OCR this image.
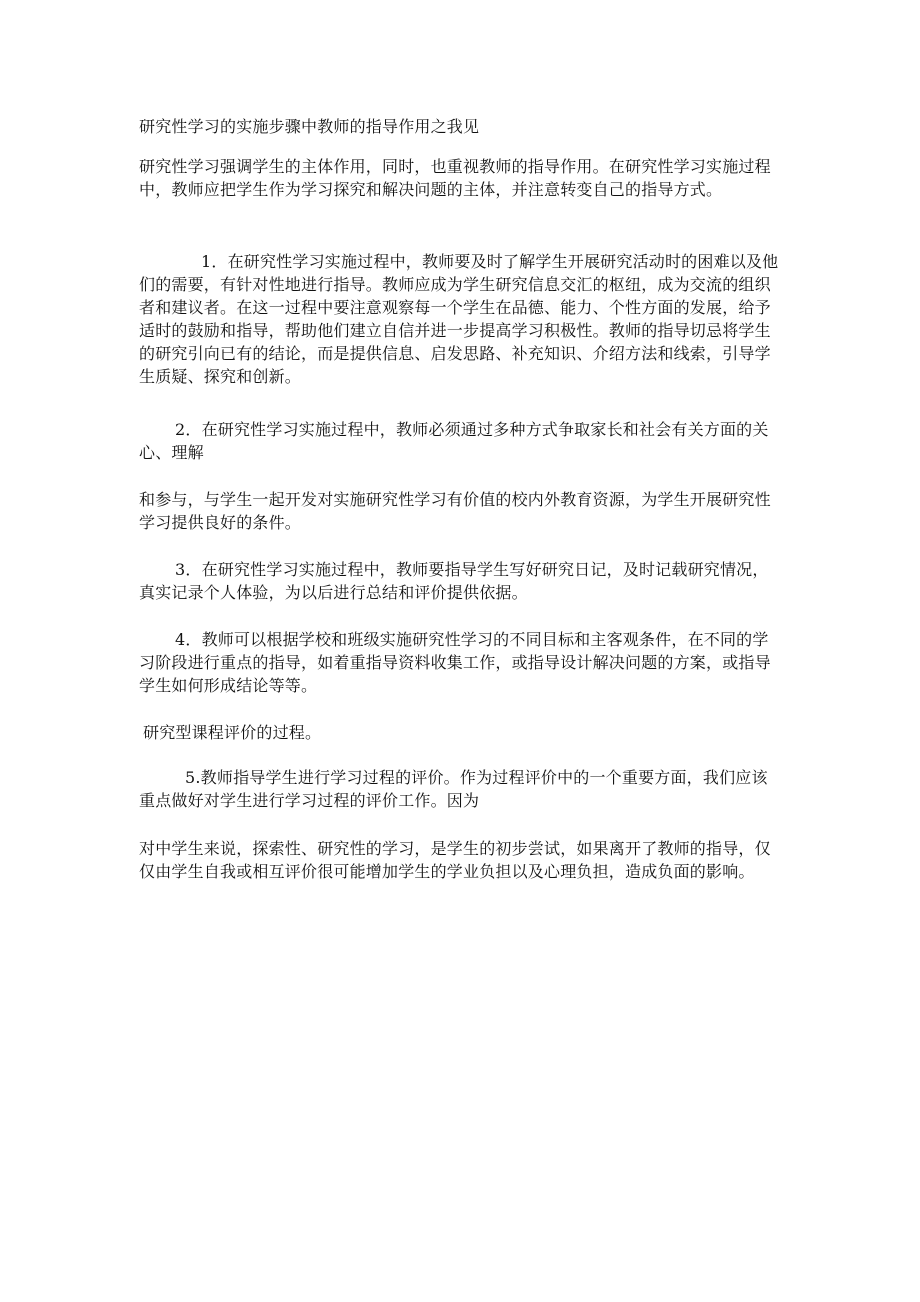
研究性学习的实施步骤中教师的指导作用之我见

研究性学习强调学生的主体作用，同时，也重视教师的指导作用。在研究性学习实施过程中，教师应把学生作为学习探究和解决问题的主体，并注意转变自己的指导方式。

1．在研究性学习实施过程中，教师要及时了解学生开展研究活动时的困难以及他们的需要，有针对性地进行指导。教师应成为学生研究信息交汇的枢纽，成为交流的组织者和建议者。在这一过程中要注意观察每一个学生在品德、能力、个性方面的发展，给予适时的鼓励和指导，帮助他们建立自信并进一步提高学习积极性。教师的指导切忌将学生的研究引向已有的结论，而是提供信息、启发思路、补充知识、介绍方法和线索，引导学生质疑、探究和创新。

2．在研究性学习实施过程中，教师必须通过多种方式争取家长和社会有关方面的关心、理解

和参与，与学生一起开发对实施研究性学习有价值的校内外教育资源，为学生开展研究性学习提供良好的条件。

3．在研究性学习实施过程中，教师要指导学生写好研究日记，及时记载研究情况，真实记录个人体验，为以后进行总结和评价提供依据。

4．教师可以根据学校和班级实施研究性学习的不同目标和主客观条件，在不同的学习阶段进行重点的指导，如着重指导资料收集工作，或指导设计解决问题的方案，或指导学生如何形成结论等等。

研究型课程评价的过程。

5.教师指导学生进行学习过程的评价。作为过程评价中的一个重要方面，我们应该重点做好对学生进行学习过程的评价工作。因为

对中学生来说，探索性、研究性的学习，是学生的初步尝试，如果离开了教师的指导，仅仅由学生自我或相互评价很可能增加学生的学业负担以及心理负担，造成负面的影响。
